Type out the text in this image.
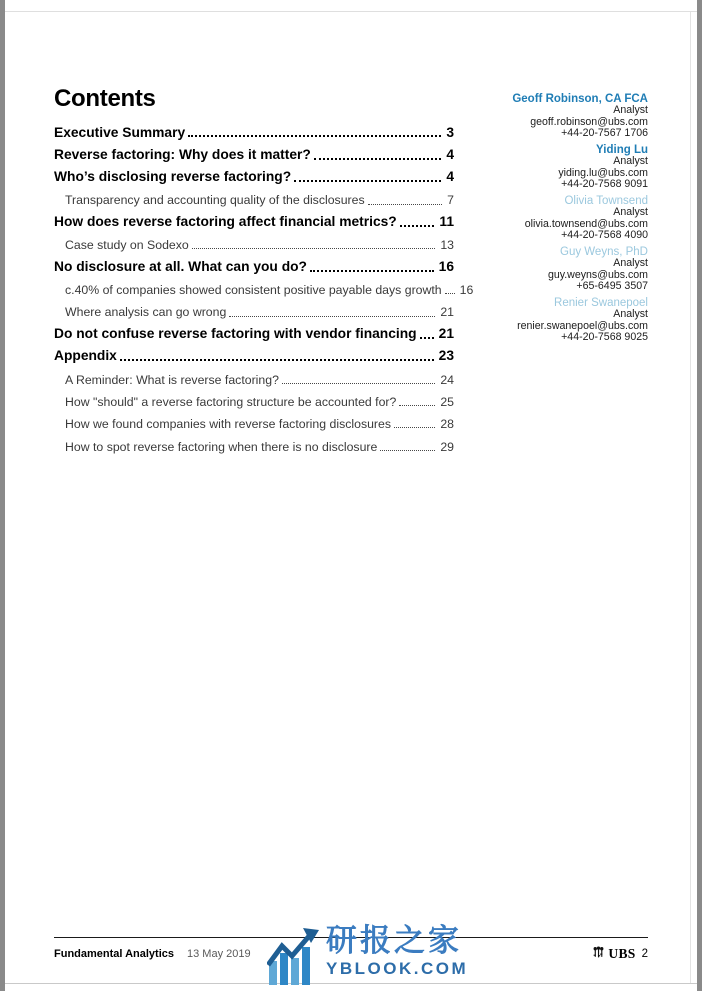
Contents
Executive Summary	3
Reverse factoring: Why does it matter?	4
Who’s disclosing reverse factoring?	4
Transparency and accounting quality of the disclosures	7
How does reverse factoring affect financial metrics?	11
Case study on Sodexo	13
No disclosure at all. What can you do?	16
c.40% of companies showed consistent positive payable days growth 16
Where analysis can go wrong	21
Do not confuse reverse factoring with vendor financing 21
Appendix	23
A Reminder: What is reverse factoring?	24
How "should" a reverse factoring structure be accounted for?	25
How we found companies with reverse factoring disclosures	28
How to spot reverse factoring when there is no disclosure	29
Geoff Robinson, CA FCA
Analyst
geoff.robinson@ubs.com
+44-20-7567 1706
Yiding Lu
Analyst
yiding.lu@ubs.com
+44-20-7568 9091
Olivia Townsend
Analyst
olivia.townsend@ubs.com
+44-20-7568 4090
Guy Weyns, PhD
Analyst
guy.weyns@ubs.com
+65-6495 3507
Renier Swanepoel
Analyst
renier.swanepoel@ubs.com
+44-20-7568 9025
Fundamental Analytics 13 May 2019	UBS 2
研报之家
YBLOOK.COM
